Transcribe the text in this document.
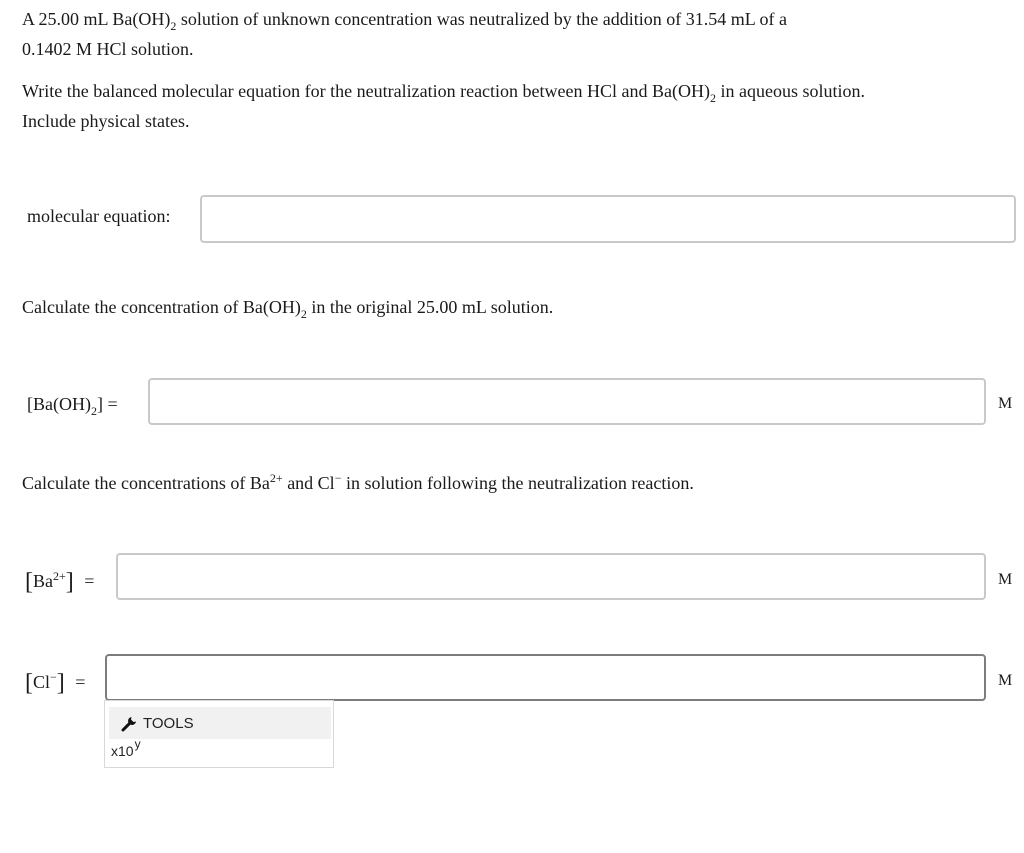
A 25.00 mL $Ba(OH)_2$ solution of unknown concentration was neutralized by the addition of 31.54 mL of a
0.1402 M HCl solution.
Write the balanced molecular equation for the neutralization reaction between HCl and $Ba(OH)_2$ in aqueous solution.
Include physical states.
molecular equation:
Calculate the concentration of $Ba(OH)_2$ in the original 25.00 mL solution.
$[Ba(OH)_2]$ =	M
Calculate the concentrations of $Ba^{2+}$ and Cl− in solution following the neutralization reaction.
$[Ba^{2+}]$ =	M
[Cl−] =	M
TOOLS
x10$^y$
